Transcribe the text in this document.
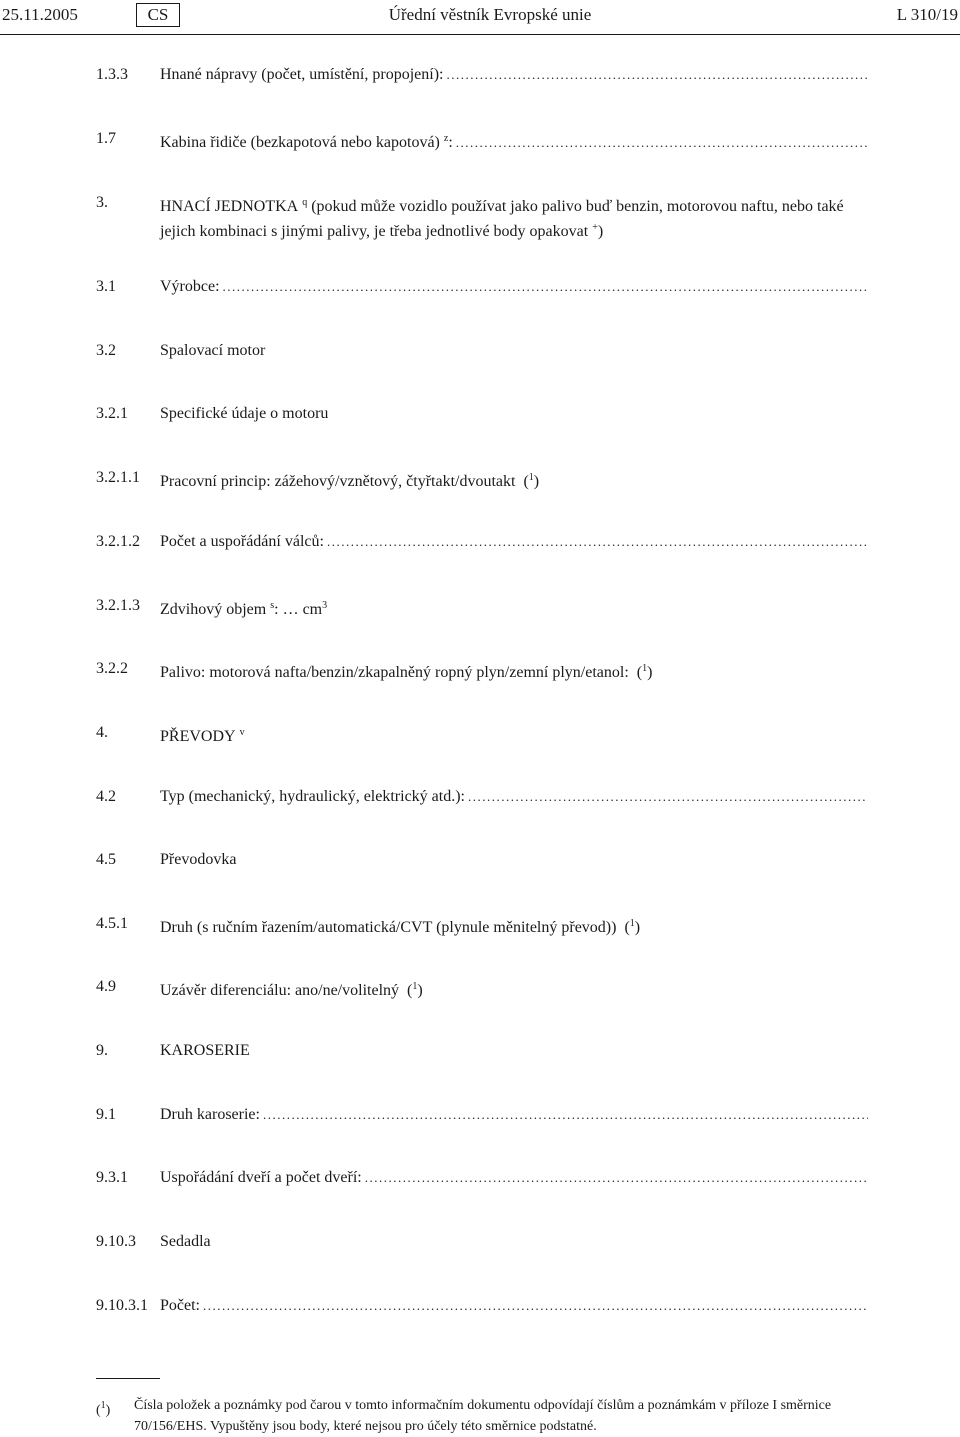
25.11.2005	CS	Úřední věstník Evropské unie	L 310/19
1.3.3 Hnané nápravy (počet, umístění, propojení):
.....
1.7	Kabina řidiče (bezkapotová nebo kapotová) $^z$:
.....
3.	HNACÍ JEDNOTKA $^q$ (pokud může vozidlo používat jako palivo buď benzin, motorovou naftu, nebo také jejich kombinaci s jinými palivy, je třeba jednotlivé body opakovat +)
3.1	Výrobce:
.....
3.2	Spalovací motor
3.2.1 Specifické údaje o motoru
3.2.1.1 Pracovní princip: zážehový/vznětový, čtyřtakt/dvoutakt  ($^1$)
3.2.1.2 Počet a uspořádání válců:
.....
3.2.1.3 Zdvihový objem $^s$: … $cm^3$
3.2.2 Palivo: motorová nafta/benzin/zkapalněný ropný plyn/zemní plyn/etanol:  ($^1$)
4.	PŘEVODY $^v$
4.2	Typ (mechanický, hydraulický, elektrický atd.):
.....
4.5	Převodovka
4.5.1 Druh (s ručním řazením/automatická/CVT (plynule měnitelný převod))  ($^1$)
4.9	Uzávěr diferenciálu: ano/ne/volitelný  ($^1$)
9.	KAROSERIE
9.1	Druh karoserie:
.....
9.3.1 Uspořádání dveří a počet dveří:
.....
9.10.3 Sedadla
9.10.3.1 Počet:
.....
($^1$) Čísla položek a poznámky pod čarou v tomto informačním dokumentu odpovídají číslům a poznámkám v příloze I směrnice 70/156/EHS. Vypuštěny jsou body, které nejsou pro účely této směrnice podstatné.
